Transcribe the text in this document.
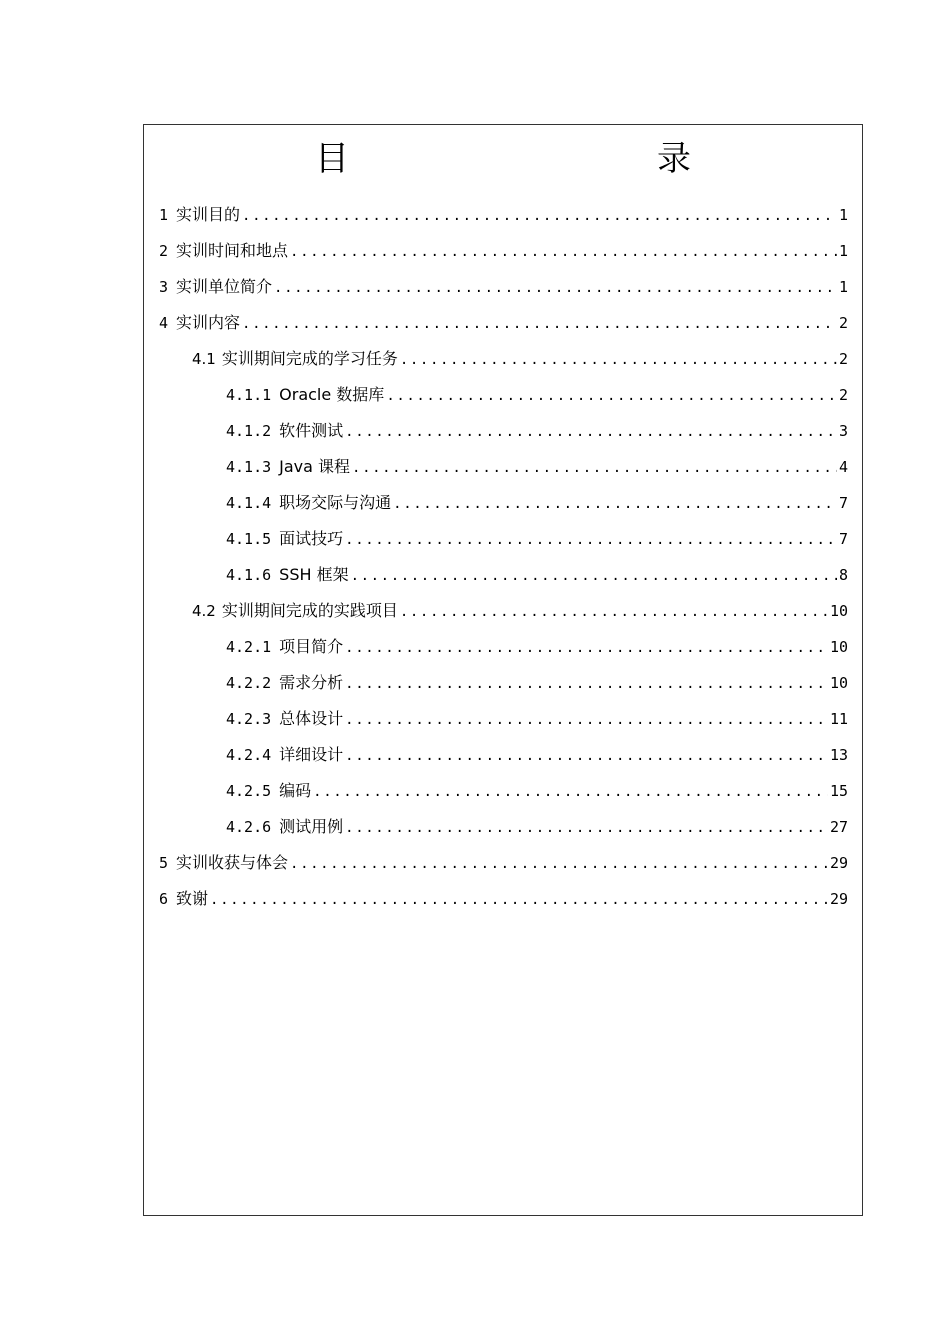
目　　录
1 实训目的 .....	1
2 实训时间和地点 .....	1
3 实训单位简介 .....	1
4 实训内容 .....	2
4.1 实训期间完成的学习任务 .....	2
4.1.1 Oracle 数据库 .....	2
4.1.2 软件测试 .....	3
4.1.3 Java 课程 .....	4
4.1.4 职场交际与沟通 .....	7
4.1.5 面试技巧 .....	7
4.1.6 SSH 框架 .....	8
4.2 实训期间完成的实践项目 .....	10
4.2.1 项目简介 .....	10
4.2.2 需求分析 .....	10
4.2.3 总体设计 .....	11
4.2.4 详细设计 .....	13
4.2.5 编码 .....	15
4.2.6 测试用例 .....	27
5 实训收获与体会 .....	29
6 致谢 .....	29
